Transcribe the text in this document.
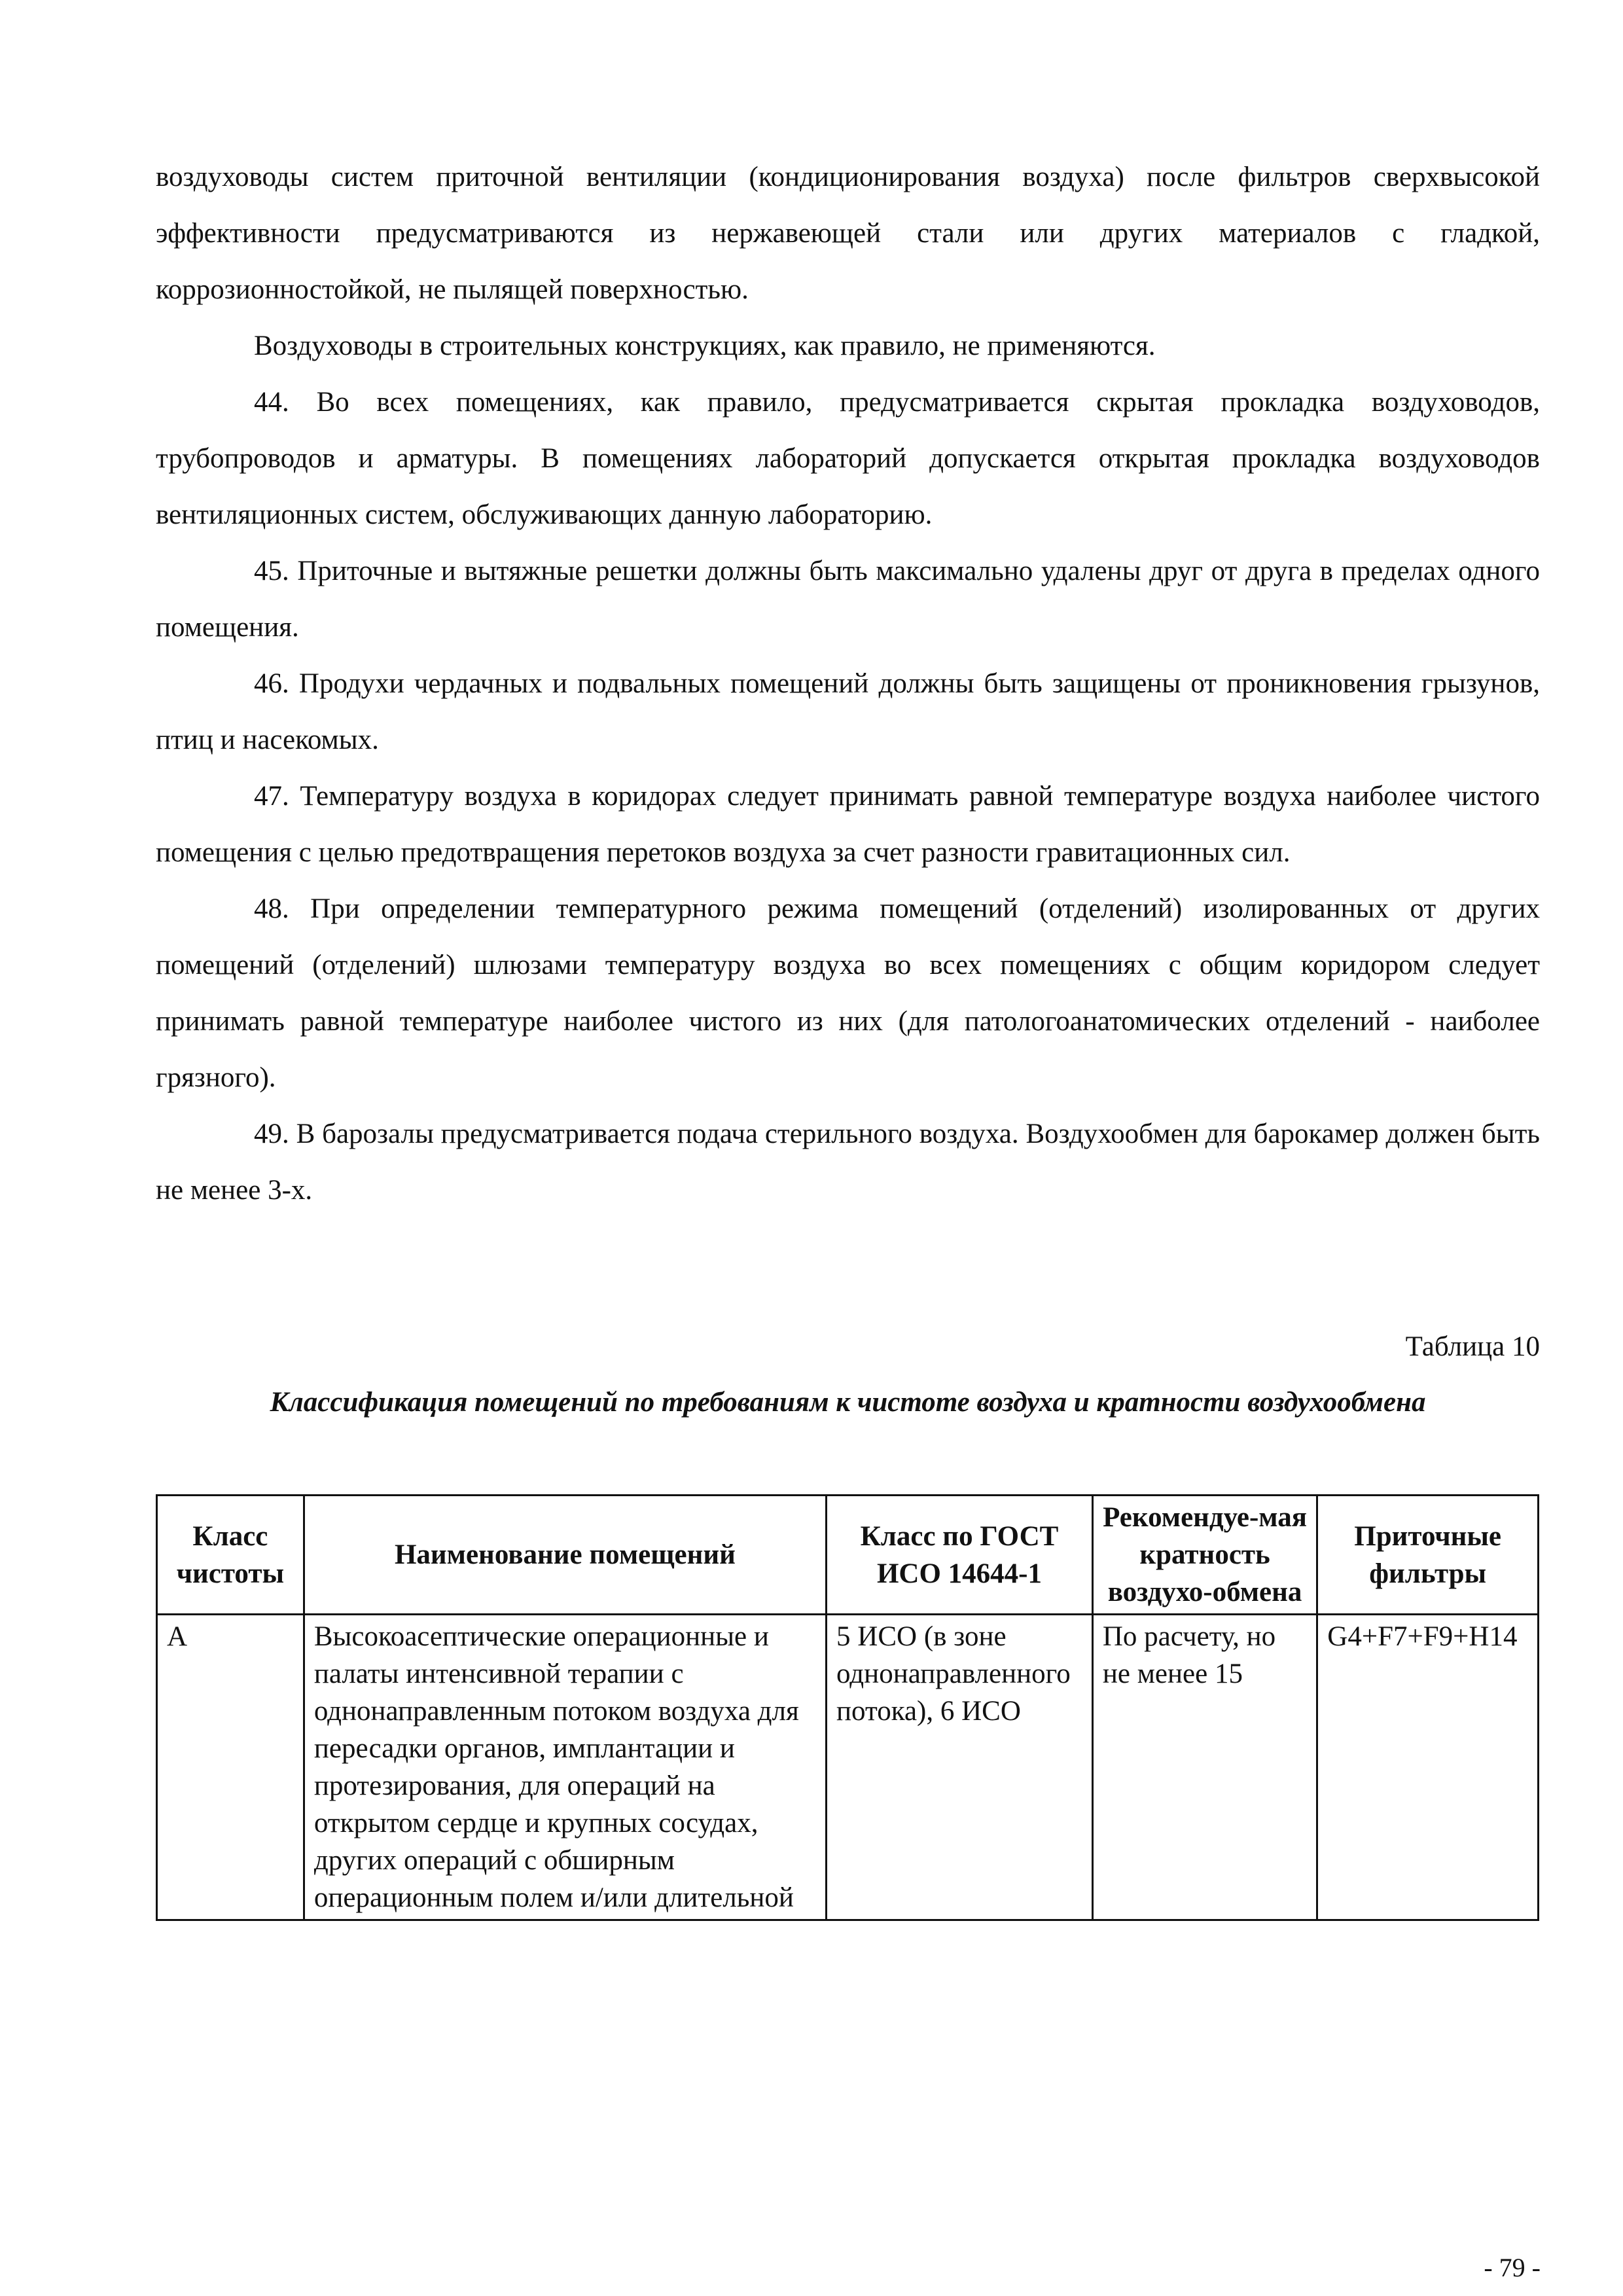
воздуховоды систем приточной вентиляции (кондиционирования воздуха) после фильтров сверхвысокой эффективности предусматриваются из нержавеющей стали или других материалов с гладкой, коррозионностойкой, не пылящей поверхностью.

Воздуховоды в строительных конструкциях, как правило, не применяются.

44. Во всех помещениях, как правило, предусматривается скрытая прокладка воздуховодов, трубопроводов и арматуры. В помещениях лабораторий допускается открытая прокладка воздуховодов вентиляционных систем, обслуживающих данную лабораторию.

45. Приточные и вытяжные решетки должны быть максимально удалены друг от друга в пределах одного помещения.

46. Продухи чердачных и подвальных помещений должны быть защищены от проникновения грызунов, птиц и насекомых.

47. Температуру воздуха в коридорах следует принимать равной температуре воздуха наиболее чистого помещения с целью предотвращения перетоков воздуха за счет разности гравитационных сил.

48. При определении температурного режима помещений (отделений) изолированных от других помещений (отделений) шлюзами температуру воздуха во всех помещениях с общим коридором следует принимать равной температуре наиболее чистого из них (для патологоанатомических отделений - наиболее грязного).

49. В барозалы предусматривается подача стерильного воздуха. Воздухообмен для барокамер должен быть не менее 3-х.

Таблица 10
Классификация помещений по требованиям к чистоте воздуха и кратности воздухообмена
Класс чистоты	Наименование помещений	Класс по ГОСТ ИСО 14644-1	Рекомендуе-мая кратность воздухо-обмена	Приточные фильтры
А	Высокоасептические операционные и палаты интенсивной терапии с однонаправленным потоком воздуха для пересадки органов, имплантации и протезирования, для операций на открытом сердце и крупных сосудах, других операций с обширным операционным полем и/или длительной	5 ИСО (в зоне однонаправленного потока), 6 ИСО	По расчету, но не менее 15	G4+F7+F9+H14
- 79 -
